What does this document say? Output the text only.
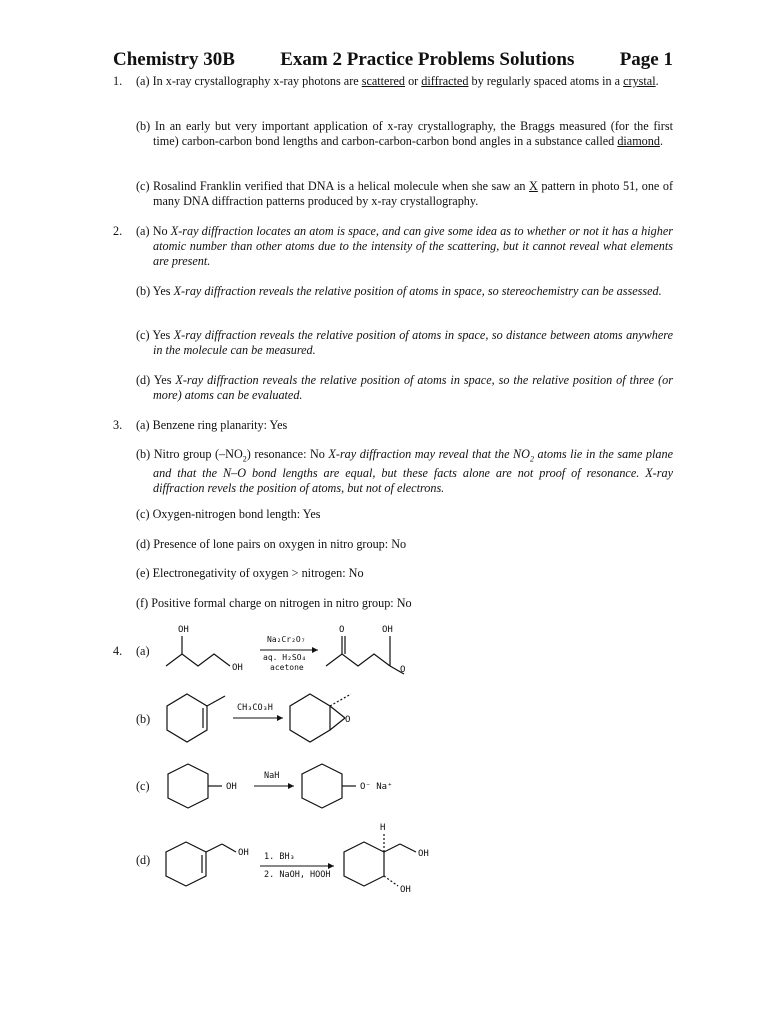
Chemistry 30B Exam 2 Practice Problems Solutions Page 1
1. (a) In x-ray crystallography x-ray photons are scattered or diffracted by regularly spaced atoms in a crystal.
(b) In an early but very important application of x-ray crystallography, the Braggs measured (for the first time) carbon-carbon bond lengths and carbon-carbon-carbon bond angles in a substance called diamond.
(c) Rosalind Franklin verified that DNA is a helical molecule when she saw an X pattern in photo 51, one of many DNA diffraction patterns produced by x-ray crystallography.
2. (a) No X-ray diffraction locates an atom is space, and can give some idea as to whether or not it has a higher atomic number than other atoms due to the intensity of the scattering, but it cannot reveal what elements are present.
(b) Yes X-ray diffraction reveals the relative position of atoms in space, so stereochemistry can be assessed.
(c) Yes X-ray diffraction reveals the relative position of atoms in space, so distance between atoms anywhere in the molecule can be measured.
(d) Yes X-ray diffraction reveals the relative position of atoms in space, so the relative position of three (or more) atoms can be evaluated.
3. (a) Benzene ring planarity: Yes
(b) Nitro group $(-NO_2)$ resonance: No X-ray diffraction may reveal that the $NO_2$ atoms lie in the same plane and that the N–O bond lengths are equal, but these facts alone are not proof of resonance. X-ray diffraction revels the position of atoms, but not of electrons.
(c) Oxygen-nitrogen bond length: Yes
(d) Presence of lone pairs on oxygen in nitro group: No
(e) Electronegativity of oxygen > nitrogen: No
(f) Positive formal charge on nitrogen in nitro group: No
4. (a)
(b)
(c)
(d)
OH
OH
Na₂Cr₂O₇
aq. H₂SO₄
acetone
O	OH
O
CH₃CO₃H
O
OH
NaH
O⁻ Na⁺
OH 1. BH₃
2. NaOH, HOOH
H
OH
OH
